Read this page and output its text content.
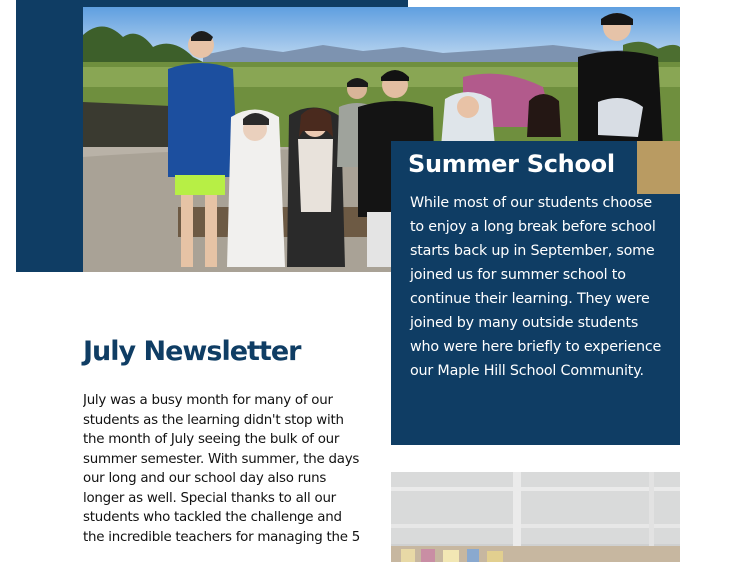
Summer School

While most of our students choose to enjoy a long break before school starts back up in September, some joined us for summer school to continue their learning. They were joined by many outside students who were here briefly to experience our Maple Hill School Community.

July Newsletter

July was a busy month for many of our students as the learning didn't stop with the month of July seeing the bulk of our summer semester. With summer, the days our long and our school day also runs longer as well. Special thanks to all our students who tackled the challenge and the incredible teachers for managing the 5
